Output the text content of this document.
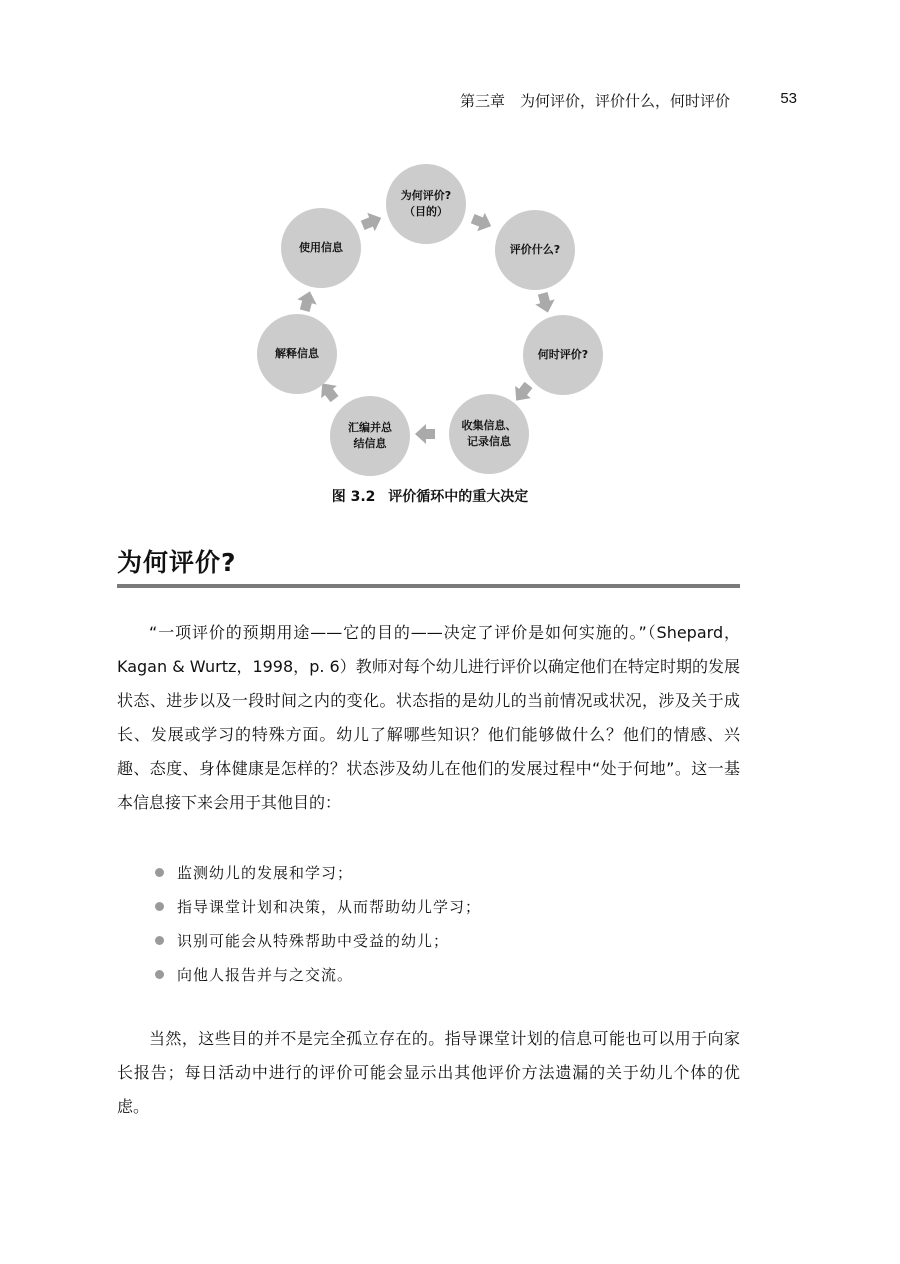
第三章　为何评价，评价什么，何时评价	53
为何评价?
（目的）
评价什么?
何时评价?
收集信息、
记录信息
汇编并总
结信息
解释信息
使用信息
图 3.2 评价循环中的重大决定
为何评价?

“一项评价的预期用途——它的目的——决定了评价是如何实施的。”（Shepard，Kagan & Wurtz，1998，p. 6）教师对每个幼儿进行评价以确定他们在特定时期的发展状态、进步以及一段时间之内的变化。状态指的是幼儿的当前情况或状况，涉及关于成长、发展或学习的特殊方面。幼儿了解哪些知识？他们能够做什么？他们的情感、兴趣、态度、身体健康是怎样的？状态涉及幼儿在他们的发展过程中“处于何地”。这一基本信息接下来会用于其他目的：

监测幼儿的发展和学习；
指导课堂计划和决策，从而帮助幼儿学习；
识别可能会从特殊帮助中受益的幼儿；
向他人报告并与之交流。

当然，这些目的并不是完全孤立存在的。指导课堂计划的信息可能也可以用于向家长报告；每日活动中进行的评价可能会显示出其他评价方法遗漏的关于幼儿个体的优虑。
